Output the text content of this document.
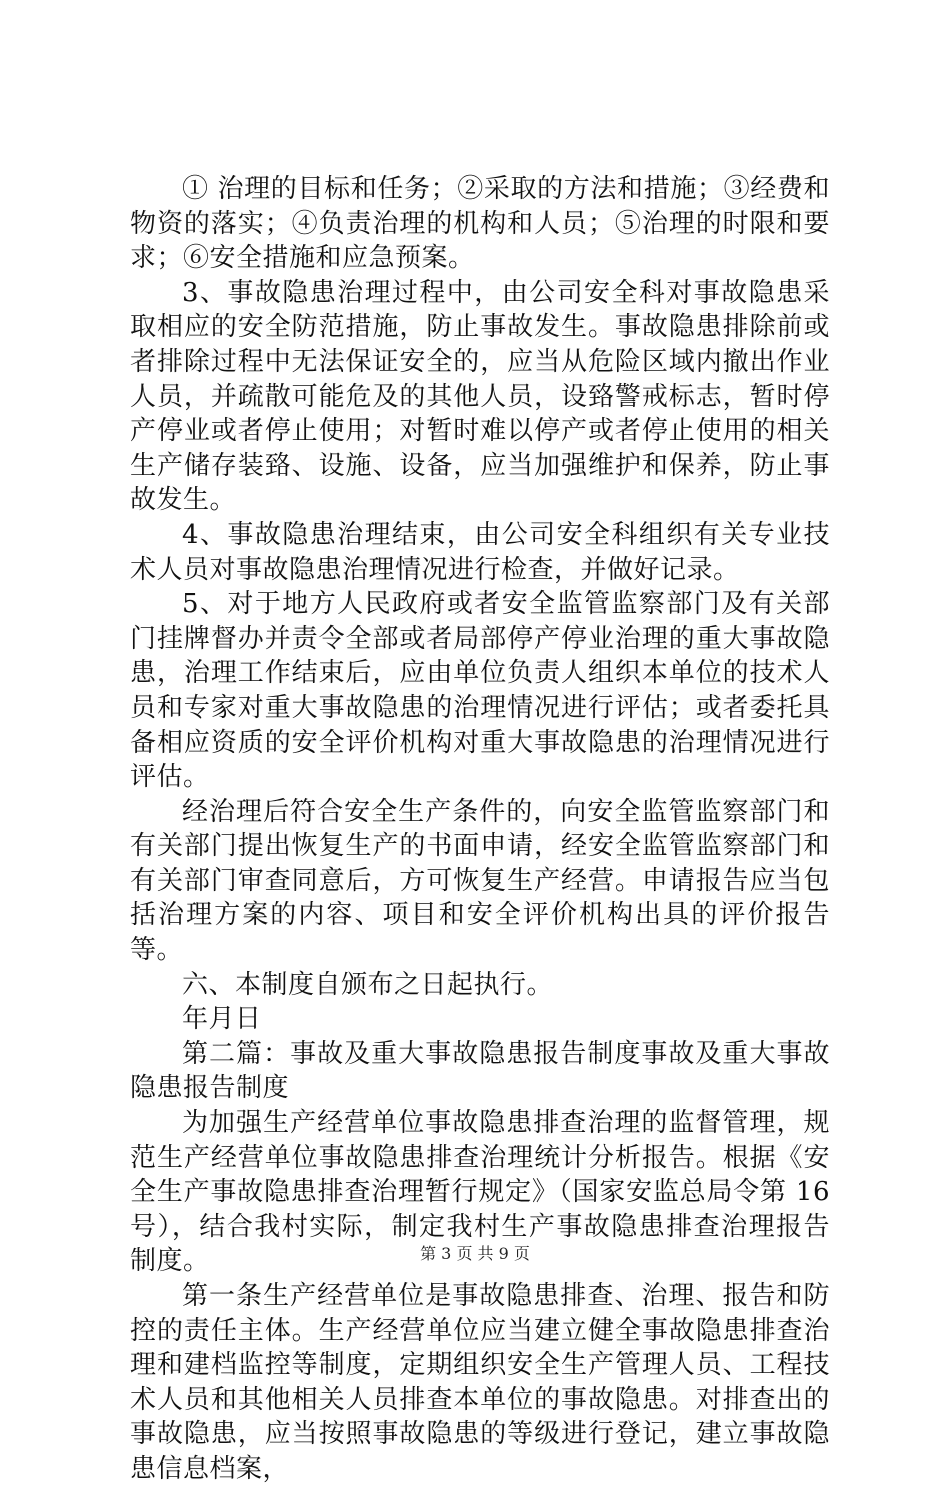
① 治理的目标和任务；②采取的方法和措施；③经费和物资的落实；④负责治理的机构和人员；⑤治理的时限和要求；⑥安全措施和应急预案。

3、事故隐患治理过程中，由公司安全科对事故隐患采取相应的安全防范措施，防止事故发生。事故隐患排除前或者排除过程中无法保证安全的，应当从危险区域内撤出作业人员，并疏散可能危及的其他人员，设臵警戒标志，暂时停产停业或者停止使用；对暂时难以停产或者停止使用的相关生产储存装臵、设施、设备，应当加强维护和保养，防止事故发生。

4、事故隐患治理结束，由公司安全科组织有关专业技术人员对事故隐患治理情况进行检查，并做好记录。

5、对于地方人民政府或者安全监管监察部门及有关部门挂牌督办并责令全部或者局部停产停业治理的重大事故隐患，治理工作结束后，应由单位负责人组织本单位的技术人员和专家对重大事故隐患的治理情况进行评估；或者委托具备相应资质的安全评价机构对重大事故隐患的治理情况进行评估。

经治理后符合安全生产条件的，向安全监管监察部门和有关部门提出恢复生产的书面申请，经安全监管监察部门和有关部门审查同意后，方可恢复生产经营。申请报告应当包括治理方案的内容、项目和安全评价机构出具的评价报告等。

六、本制度自颁布之日起执行。

年月日

第二篇：事故及重大事故隐患报告制度事故及重大事故隐患报告制度

为加强生产经营单位事故隐患排查治理的监督管理，规范生产经营单位事故隐患排查治理统计分析报告。根据《安全生产事故隐患排查治理暂行规定》（国家安监总局令第 16 号），结合我村实际，制定我村生产事故隐患排查治理报告制度。

第一条生产经营单位是事故隐患排查、治理、报告和防控的责任主体。生产经营单位应当建立健全事故隐患排查治理和建档监控等制度，定期组织安全生产管理人员、工程技术人员和其他相关人员排查本单位的事故隐患。对排查出的事故隐患，应当按照事故隐患的等级进行登记，建立事故隐患信息档案，

第 3 页 共 9 页
